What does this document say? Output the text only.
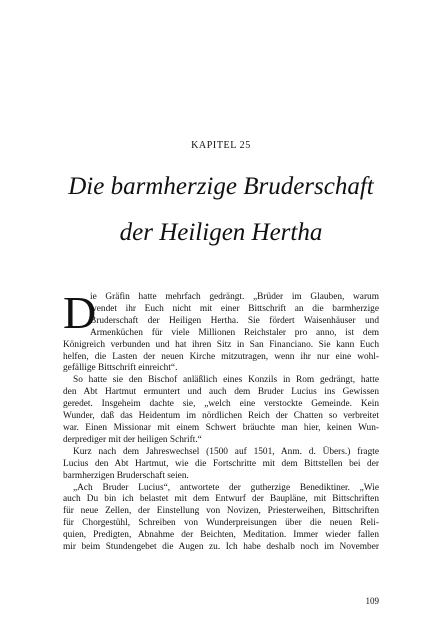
KAPITEL 25
Die barmherzige Bruderschaft
der Heiligen Hertha
D
ie Gräfin hatte mehrfach gedrängt. „Brüder im Glauben, warum
wendet ihr Euch nicht mit einer Bittschrift an die barmherzige
Bruderschaft der Heiligen Hertha. Sie fördert Waisenhäuser und
Armenküchen für viele Millionen Reichstaler pro anno, ist dem
Königreich verbunden und hat ihren Sitz in San Financiano. Sie kann Euch
helfen, die Lasten der neuen Kirche mitzutragen, wenn ihr nur eine wohl-
gefällige Bittschrift einreicht“.
So hatte sie den Bischof anläßlich eines Konzils in Rom gedrängt, hatte
den Abt Hartmut ermuntert und auch dem Bruder Lucius ins Gewissen
geredet. Insgeheim dachte sie, „welch eine verstockte Gemeinde. Kein
Wunder, daß das Heidentum im nördlichen Reich der Chatten so verbreitet
war. Einen Missionar mit einem Schwert bräuchte man hier, keinen Wun-
derprediger mit der heiligen Schrift.“
Kurz nach dem Jahreswechsel (1500 auf 1501, Anm. d. Übers.) fragte
Lucius den Abt Hartmut, wie die Fortschritte mit dem Bittstellen bei der
barmherzigen Bruderschaft seien.
„Ach Bruder Lucius“, antwortete der gutherzige Benediktiner. „Wie
auch Du bin ich belastet mit dem Entwurf der Baupläne, mit Bittschriften
für neue Zellen, der Einstellung von Novizen, Priesterweihen, Bittschriften
für Chorgestühl, Schreiben von Wunderpreisungen über die neuen Reli-
quien, Predigten, Abnahme der Beichten, Meditation. Immer wieder fallen
mir beim Stundengebet die Augen zu. Ich habe deshalb noch im November
109
